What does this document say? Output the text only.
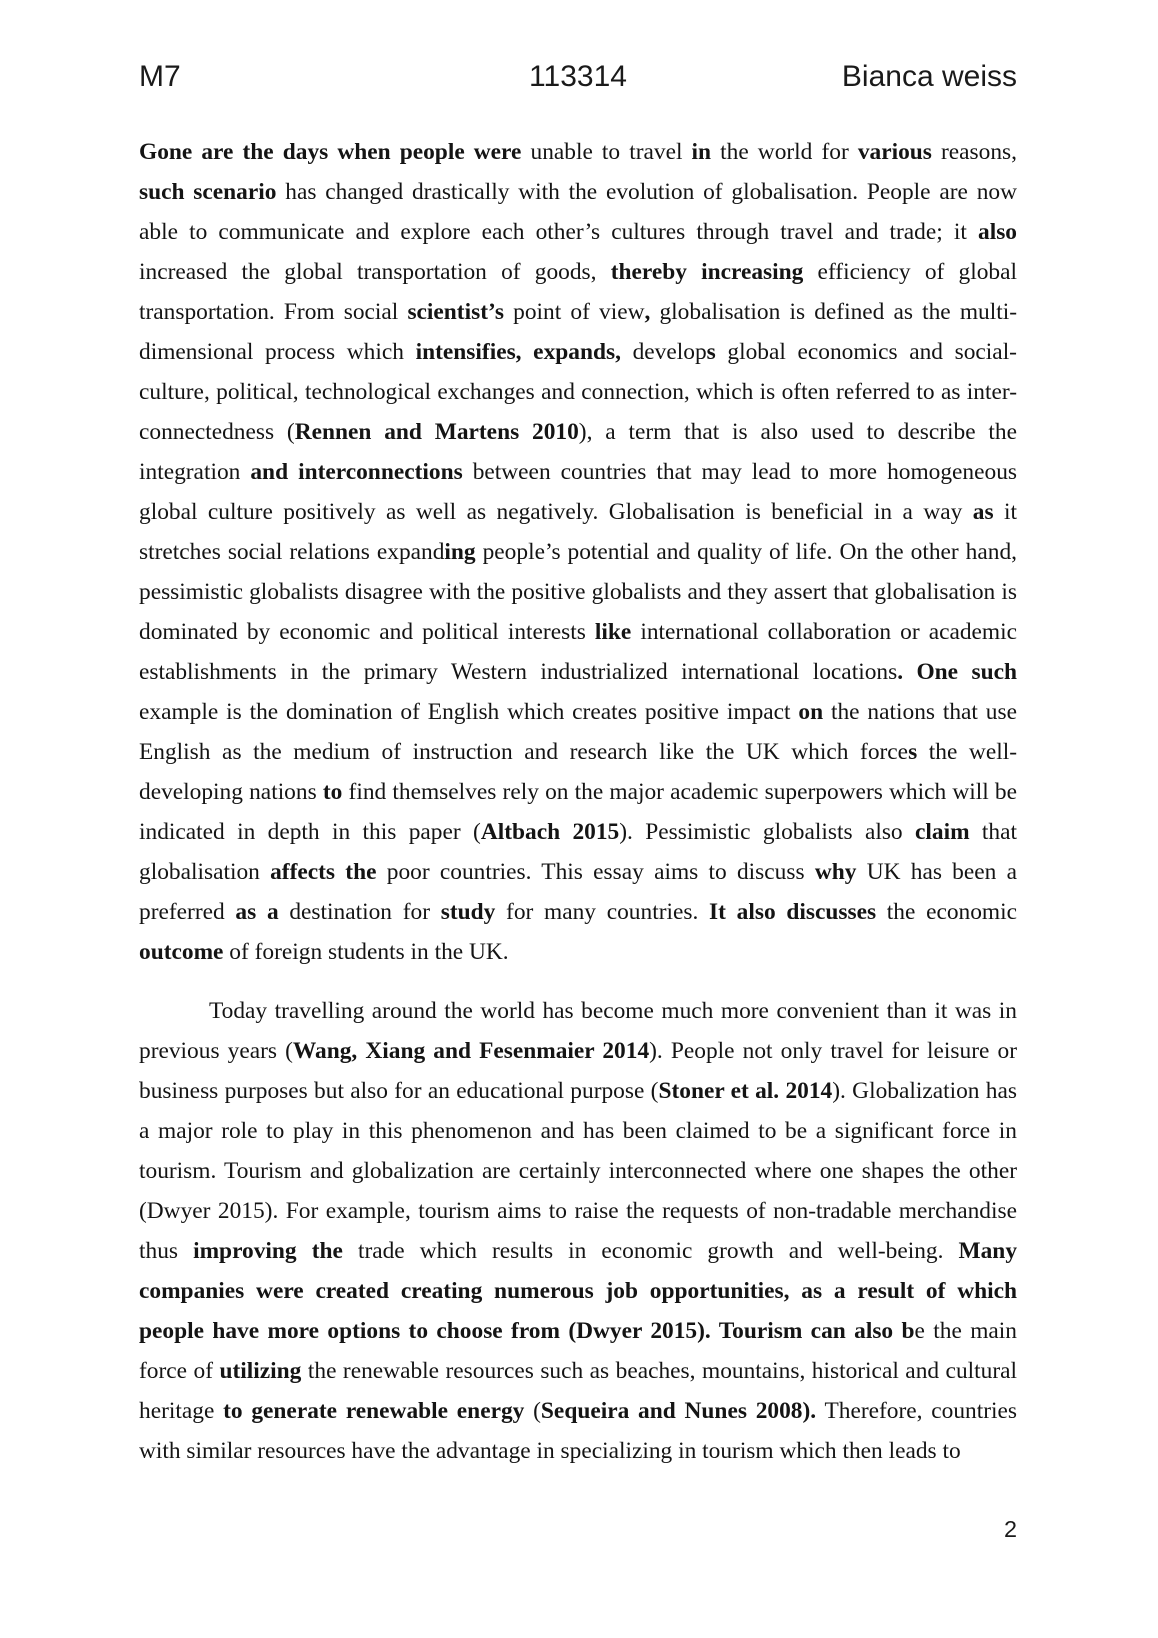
M7	113314	Bianca weiss
Gone are the days when people were unable to travel in the world for various reasons,
such scenario has changed drastically with the evolution of globalisation. People are now
able to communicate and explore each other’s cultures through travel and trade; it also
increased the global transportation of goods, thereby increasing efficiency of global
transportation. From social scientist’s point of view, globalisation is defined as the multi-
dimensional process which intensifies, expands, develops global economics and social-
culture, political, technological exchanges and connection, which is often referred to as inter-
connectedness (Rennen and Martens 2010), a term that is also used to describe the
integration and interconnections between countries that may lead to more homogeneous
global culture positively as well as negatively. Globalisation is beneficial in a way as it
stretches social relations expanding people’s potential and quality of life. On the other hand,
pessimistic globalists disagree with the positive globalists and they assert that globalisation is
dominated by economic and political interests like international collaboration or academic
establishments in the primary Western industrialized international locations. One such
example is the domination of English which creates positive impact on the nations that use
English as the medium of instruction and research like the UK which forces the well-
developing nations to find themselves rely on the major academic superpowers which will be
indicated in depth in this paper (Altbach 2015). Pessimistic globalists also claim that
globalisation affects the poor countries. This essay aims to discuss why UK has been a
preferred as a destination for study for many countries. It also discusses the economic
outcome of foreign students in the UK.
Today travelling around the world has become much more convenient than it was in
previous years (Wang, Xiang and Fesenmaier 2014). People not only travel for leisure or
business purposes but also for an educational purpose (Stoner et al. 2014). Globalization has
a major role to play in this phenomenon and has been claimed to be a significant force in
tourism. Tourism and globalization are certainly interconnected where one shapes the other
(Dwyer 2015). For example, tourism aims to raise the requests of non-tradable merchandise
thus improving the trade which results in economic growth and well-being. Many
companies were created creating numerous job opportunities, as a result of which
people have more options to choose from (Dwyer 2015). Tourism can also be the main
force of utilizing the renewable resources such as beaches, mountains, historical and cultural
heritage to generate renewable energy (Sequeira and Nunes 2008). Therefore, countries
with similar resources have the advantage in specializing in tourism which then leads to
2
